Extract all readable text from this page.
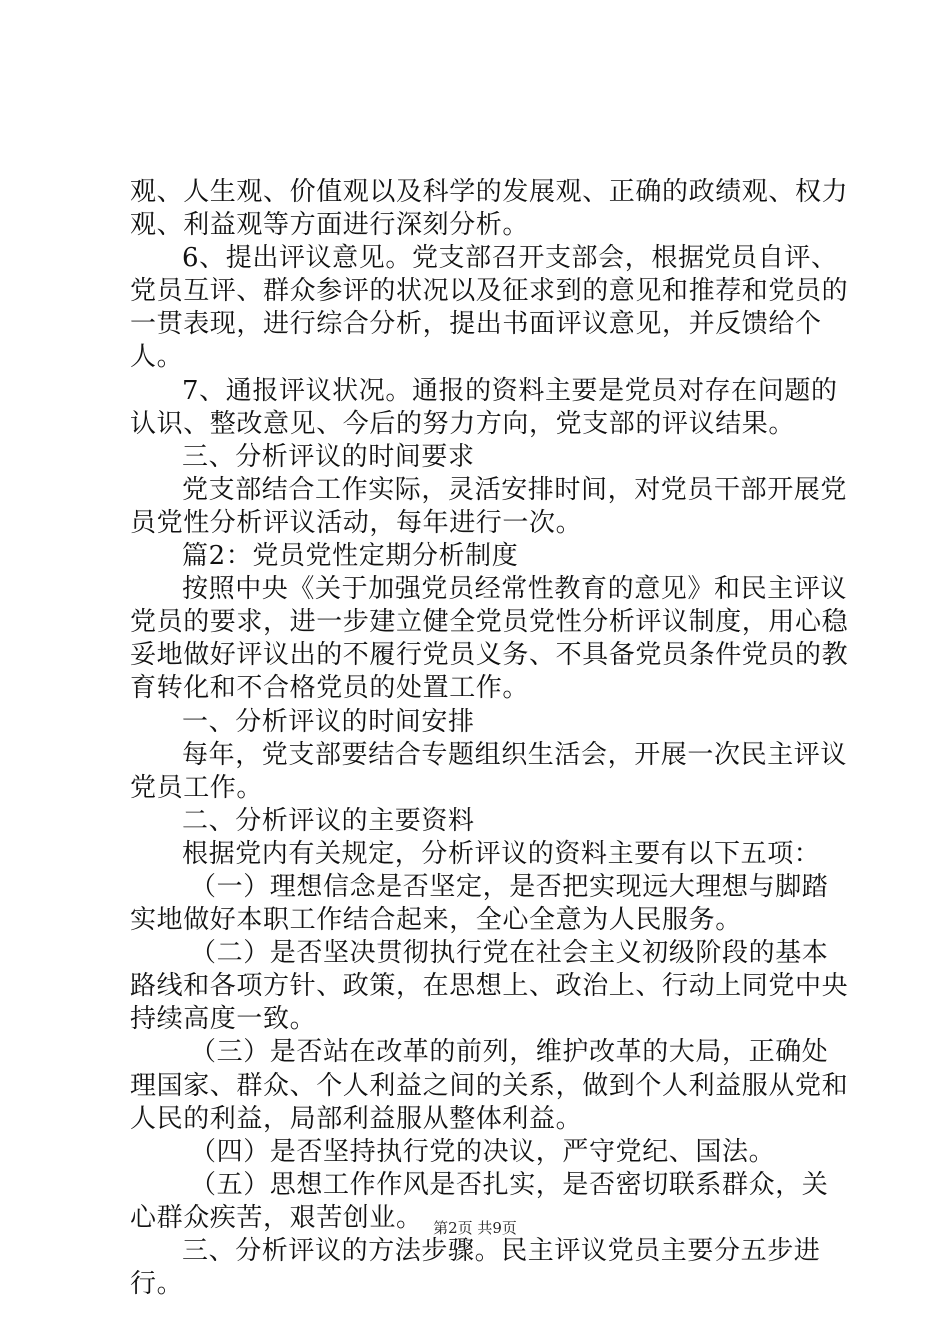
观、人生观、价值观以及科学的发展观、正确的政绩观、权力观、利益观等方面进行深刻分析。

6、提出评议意见。党支部召开支部会，根据党员自评、党员互评、群众参评的状况以及征求到的意见和推荐和党员的一贯表现，进行综合分析，提出书面评议意见，并反馈给个人。

7、通报评议状况。通报的资料主要是党员对存在问题的认识、整改意见、今后的努力方向，党支部的评议结果。

三、分析评议的时间要求

党支部结合工作实际，灵活安排时间，对党员干部开展党员党性分析评议活动，每年进行一次。

篇2：党员党性定期分析制度

按照中央《关于加强党员经常性教育的意见》和民主评议党员的要求，进一步建立健全党员党性分析评议制度，用心稳妥地做好评议出的不履行党员义务、不具备党员条件党员的教育转化和不合格党员的处置工作。

一、分析评议的时间安排

每年，党支部要结合专题组织生活会，开展一次民主评议党员工作。

二、分析评议的主要资料

根据党内有关规定，分析评议的资料主要有以下五项：

（一）理想信念是否坚定，是否把实现远大理想与脚踏实地做好本职工作结合起来，全心全意为人民服务。

（二）是否坚决贯彻执行党在社会主义初级阶段的基本路线和各项方针、政策，在思想上、政治上、行动上同党中央持续高度一致。

（三）是否站在改革的前列，维护改革的大局，正确处理国家、群众、个人利益之间的关系，做到个人利益服从党和人民的利益，局部利益服从整体利益。

（四）是否坚持执行党的决议，严守党纪、国法。

（五）思想工作作风是否扎实，是否密切联系群众，关心群众疾苦，艰苦创业。

三、分析评议的方法步骤。民主评议党员主要分五步进行。

第2页 共9页
